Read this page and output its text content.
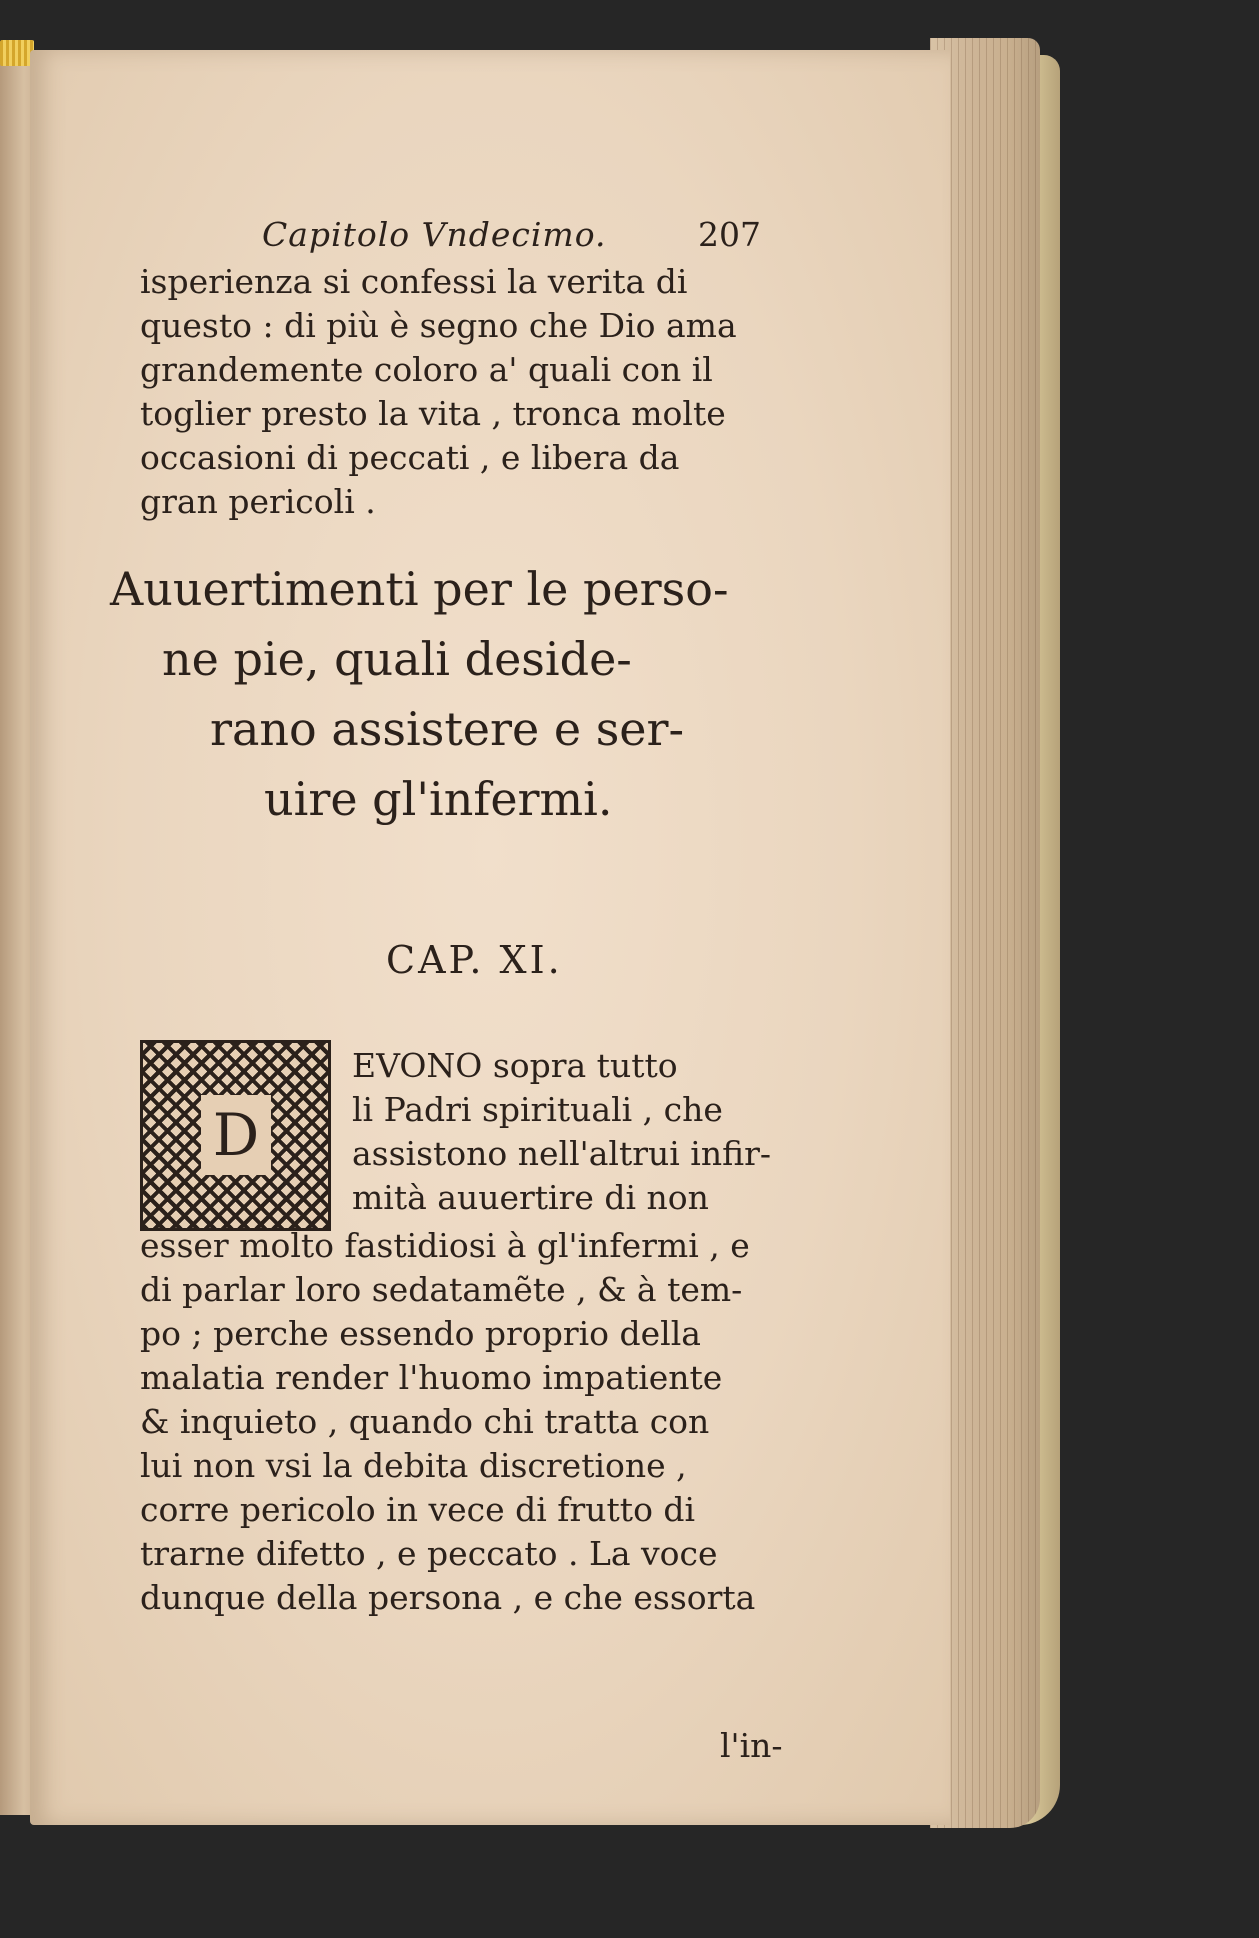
Capitolo Vndecimo.	207
isperienza si confessi la verita di
questo : di più è segno che Dio ama
grandemente coloro a' quali con il
toglier presto la vita , tronca molte
occasioni di peccati , e libera da
gran pericoli .
Auuertimenti per le perso-
ne pie, quali deside-
rano assistere e ser-
uire gl'infermi.
CAP. XI.
D
EVONO sopra tutto
li Padri spirituali , che
assistono nell'altrui infir-
mità auuertire di non
esser molto fastidiosi à gl'infermi , e
di parlar loro sedatamẽte , & à tem-
po ; perche essendo proprio della
malatia render l'huomo impatiente
& inquieto , quando chi tratta con
lui non vsi la debita discretione ,
corre pericolo in vece di frutto di
trarne difetto , e peccato . La voce
dunque della persona , e che essorta
l'in-
